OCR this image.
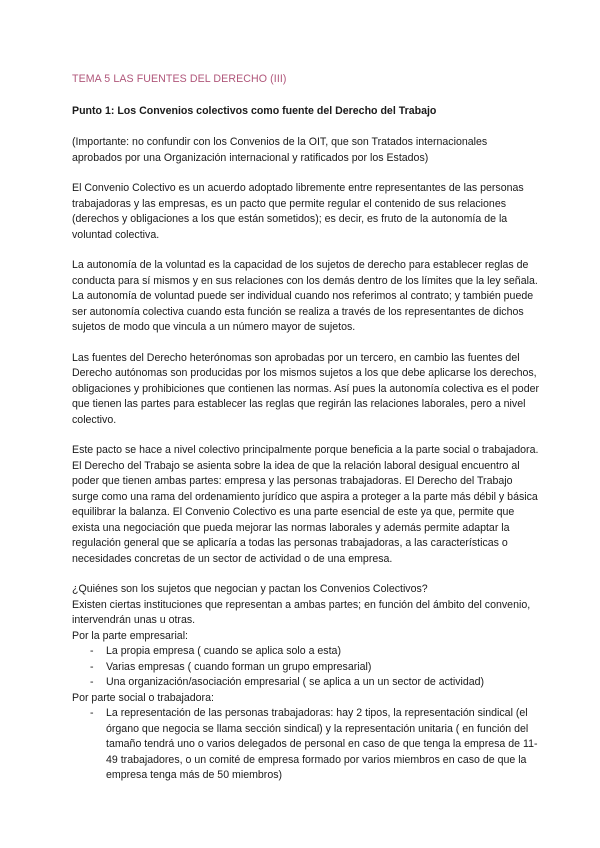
TEMA 5 LAS FUENTES DEL DERECHO (III)
Punto 1: Los Convenios colectivos como fuente del Derecho del Trabajo

(Importante: no confundir con los Convenios de la OIT, que son Tratados internacionales aprobados por una Organización internacional y ratificados por los Estados)

El Convenio Colectivo es un acuerdo adoptado libremente entre representantes de las personas trabajadoras y las empresas, es un pacto que permite regular el contenido de sus relaciones (derechos y obligaciones a los que están sometidos); es decir, es fruto de la autonomía de la voluntad colectiva.

La autonomía de la voluntad es la capacidad de los sujetos de derecho para establecer reglas de conducta para sí mismos y en sus relaciones con los demás dentro de los límites que la ley señala. La autonomía de voluntad puede ser individual cuando nos referimos al contrato; y también puede ser autonomía colectiva cuando esta función se realiza a través de los representantes de dichos sujetos de modo que vincula a un número mayor de sujetos.

Las fuentes del Derecho heterónomas son aprobadas por un tercero, en cambio las fuentes del Derecho autónomas son producidas por los mismos sujetos a los que debe aplicarse los derechos, obligaciones y prohibiciones que contienen las normas. Así pues la autonomía colectiva es el poder que tienen las partes para establecer las reglas que regirán las relaciones laborales, pero a nivel colectivo.

Este pacto se hace a nivel colectivo principalmente porque beneficia a la parte social o trabajadora. El Derecho del Trabajo se asienta sobre la idea de que la relación laboral desigual encuentro al poder que tienen ambas partes: empresa y las personas trabajadoras. El Derecho del Trabajo surge como una rama del ordenamiento jurídico que aspira a proteger a la parte más débil y básica equilibrar la balanza. El Convenio Colectivo es una parte esencial de este ya que, permite que exista una negociación que pueda mejorar las normas laborales y además permite adaptar la regulación general que se aplicaría a todas las personas trabajadoras, a las características o necesidades concretas de un sector de actividad o de una empresa.

¿Quiénes son los sujetos que negocian y pactan los Convenios Colectivos?
Existen ciertas instituciones que representan a ambas partes; en función del ámbito del convenio, intervendrán unas u otras.
Por la parte empresarial:
- La propia empresa ( cuando se aplica solo a esta)
- Varias empresas ( cuando forman un grupo empresarial)
- Una organización/asociación empresarial ( se aplica a un un sector de actividad)
Por parte social o trabajadora:
- La representación de las personas trabajadoras: hay 2 tipos, la representación sindical (el órgano que negocia se llama sección sindical) y la representación unitaria ( en función del tamaño tendrá uno o varios delegados de personal en caso de que tenga la empresa de 11- 49 trabajadores, o un comité de empresa formado por varios miembros en caso de que la empresa tenga más de 50 miembros)
